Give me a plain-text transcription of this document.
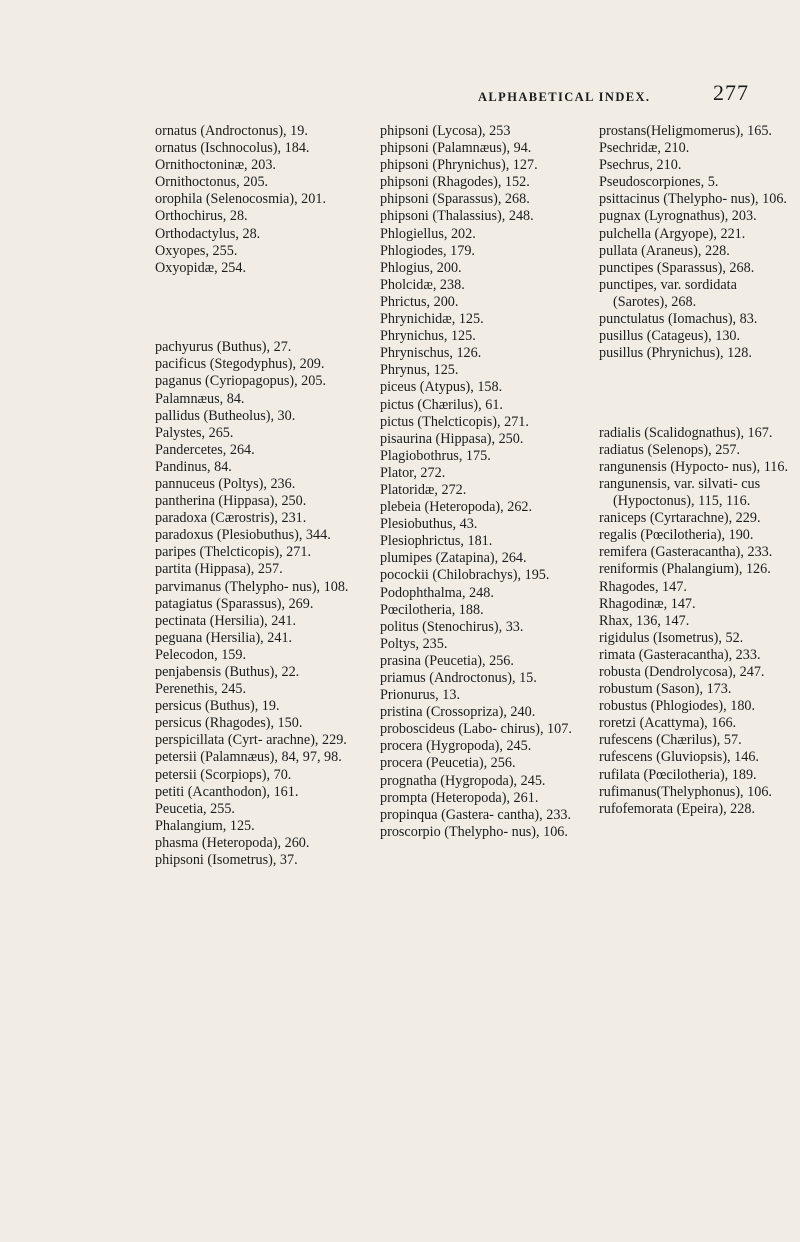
ALPHABETICAL INDEX.	277

ornatus (Androctonus), 19.

ornatus (Ischnocolus), 184.

Ornithoctoninæ, 203.

Ornithoctonus, 205.

orophila (Selenocosmia), 201.

Orthochirus, 28.

Orthodactylus, 28.

Oxyopes, 255.

Oxyopidæ, 254.

pachyurus (Buthus), 27.

pacificus (Stegodyphus), 209.

paganus (Cyriopagopus), 205.

Palamnæus, 84.

pallidus (Butheolus), 30.

Palystes, 265.

Pandercetes, 264.

Pandinus, 84.

pannuceus (Poltys), 236.

pantherina (Hippasa), 250.

paradoxa (Cærostris), 231.

paradoxus (Plesiobuthus), 344.

paripes (Thelcticopis), 271.

partita (Hippasa), 257.

parvimanus (Thelypho- nus), 108.

patagiatus (Sparassus), 269.

pectinata (Hersilia), 241.

peguana (Hersilia), 241.

Pelecodon, 159.

penjabensis (Buthus), 22.

Perenethis, 245.

persicus (Buthus), 19.

persicus (Rhagodes), 150.

perspicillata (Cyrt- arachne), 229.

petersii (Palamnæus), 84, 97, 98.

petersii (Scorpiops), 70.

petiti (Acanthodon), 161.

Peucetia, 255.

Phalangium, 125.

phasma (Heteropoda), 260.

phipsoni (Isometrus), 37.

phipsoni (Lycosa), 253

phipsoni (Palamnæus), 94.

phipsoni (Phrynichus), 127.

phipsoni (Rhagodes), 152.

phipsoni (Sparassus), 268.

phipsoni (Thalassius), 248.

Phlogiellus, 202.

Phlogiodes, 179.

Phlogius, 200.

Pholcidæ, 238.

Phrictus, 200.

Phrynichidæ, 125.

Phrynichus, 125.

Phrynischus, 126.

Phrynus, 125.

piceus (Atypus), 158.

pictus (Chærilus), 61.

pictus (Thelcticopis), 271.

pisaurina (Hippasa), 250.

Plagiobothrus, 175.

Plator, 272.

Platoridæ, 272.

plebeia (Heteropoda), 262.

Plesiobuthus, 43.

Plesiophrictus, 181.

plumipes (Zatapina), 264.

pocockii (Chilobrachys), 195.

Podophthalma, 248.

Pœcilotheria, 188.

politus (Stenochirus), 33.

Poltys, 235.

prasina (Peucetia), 256.

priamus (Androctonus), 15.

Prionurus, 13.

pristina (Crossopriza), 240.

proboscideus (Labo- chirus), 107.

procera (Hygropoda), 245.

procera (Peucetia), 256.

prognatha (Hygropoda), 245.

prompta (Heteropoda), 261.

propinqua (Gastera- cantha), 233.

proscorpio (Thelypho- nus), 106.

prostans(Heligmomerus), 165.

Psechridæ, 210.

Psechrus, 210.

Pseudoscorpiones, 5.

psittacinus (Thelypho- nus), 106.

pugnax (Lyrognathus), 203.

pulchella (Argyope), 221.

pullata (Araneus), 228.

punctipes (Sparassus), 268.

punctipes, var. sordidata (Sarotes), 268.

punctulatus (Iomachus), 83.

pusillus (Catageus), 130.

pusillus (Phrynichus), 128.

radialis (Scalidognathus), 167.

radiatus (Selenops), 257.

rangunensis (Hypocto- nus), 116.

rangunensis, var. silvati- cus (Hypoctonus), 115, 116.

raniceps (Cyrtarachne), 229.

regalis (Pœcilotheria), 190.

remifera (Gasteracantha), 233.

reniformis (Phalangium), 126.

Rhagodes, 147.

Rhagodinæ, 147.

Rhax, 136, 147.

rigidulus (Isometrus), 52.

rimata (Gasteracantha), 233.

robusta (Dendrolycosa), 247.

robustum (Sason), 173.

robustus (Phlogiodes), 180.

roretzi (Acattyma), 166.

rufescens (Chærilus), 57.

rufescens (Gluviopsis), 146.

rufilata (Pœcilotheria), 189.

rufimanus(Thelyphonus), 106.

rufofemorata (Epeira), 228.
